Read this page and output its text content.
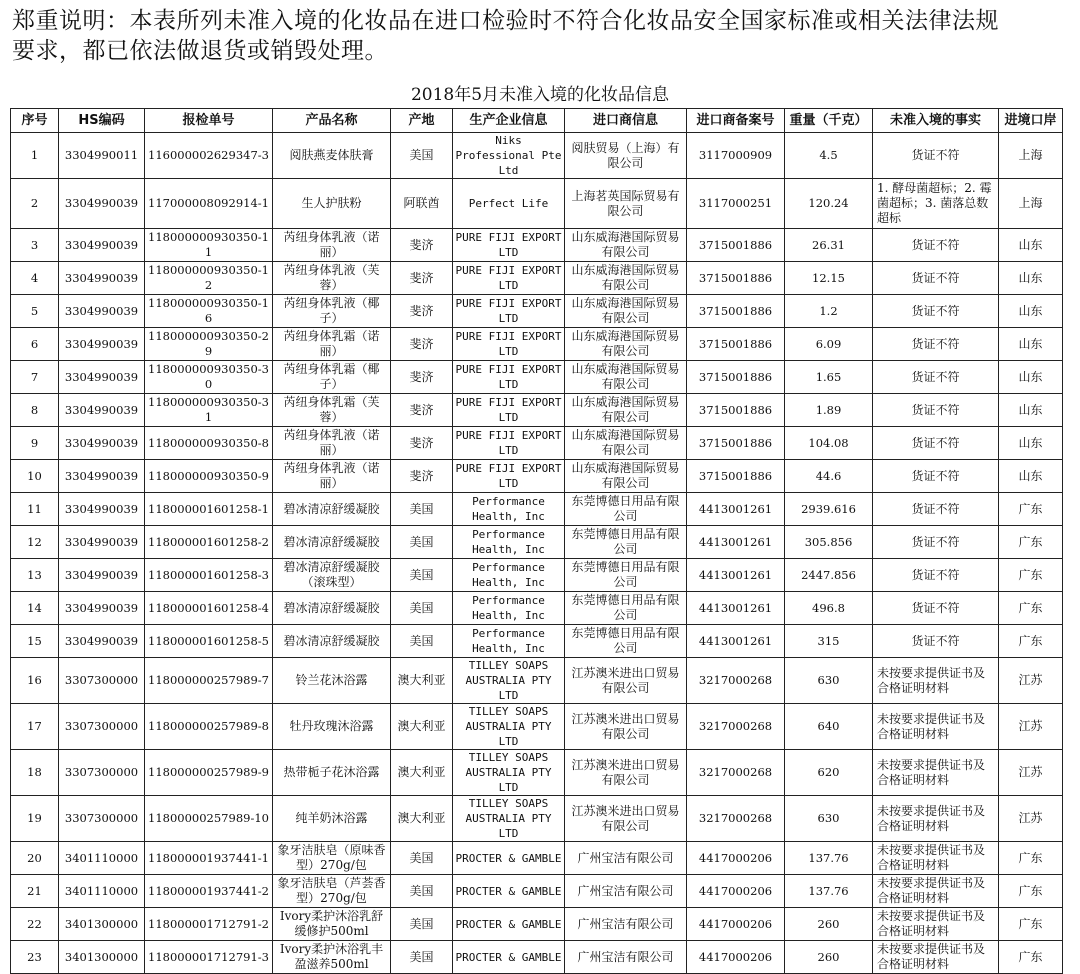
郑重说明：本表所列未准入境的化妆品在进口检验时不符合化妆品安全国家标准或相关法律法规
要求，都已依法做退货或销毁处理。
2018年5月未准入境的化妆品信息
序号	HS编码	报检单号	产品名称	产地	生产企业信息	进口商信息	进口商备案号	重量（千克）	未准入境的事实	进境口岸
1	3304990011	116000002629347-3	阅肤燕麦体肤膏	美国	Niks Professional Pte Ltd	阅肤贸易（上海）有限公司	3117000909	4.5	货证不符	上海
2	3304990039	117000008092914-1	生人护肤粉	阿联酋	Perfect Life	上海茗英国际贸易有限公司	3117000251	120.24	1. 酵母菌超标；2. 霉菌超标；3. 菌落总数超标	上海
3	3304990039	118000000930350-11	芮纽身体乳液（诺丽）	斐济	PURE FIJI EXPORT LTD	山东威海港国际贸易有限公司	3715001886	26.31	货证不符	山东
4	3304990039	118000000930350-12	芮纽身体乳液（芙蓉）	斐济	PURE FIJI EXPORT LTD	山东威海港国际贸易有限公司	3715001886	12.15	货证不符	山东
5	3304990039	118000000930350-16	芮纽身体乳液（椰子）	斐济	PURE FIJI EXPORT LTD	山东威海港国际贸易有限公司	3715001886	1.2	货证不符	山东
6	3304990039	118000000930350-29	芮纽身体乳霜（诺丽）	斐济	PURE FIJI EXPORT LTD	山东威海港国际贸易有限公司	3715001886	6.09	货证不符	山东
7	3304990039	118000000930350-30	芮纽身体乳霜（椰子）	斐济	PURE FIJI EXPORT LTD	山东威海港国际贸易有限公司	3715001886	1.65	货证不符	山东
8	3304990039	118000000930350-31	芮纽身体乳霜（芙蓉）	斐济	PURE FIJI EXPORT LTD	山东威海港国际贸易有限公司	3715001886	1.89	货证不符	山东
9	3304990039	118000000930350-8	芮纽身体乳液（诺丽）	斐济	PURE FIJI EXPORT LTD	山东威海港国际贸易有限公司	3715001886	104.08	货证不符	山东
10	3304990039	118000000930350-9	芮纽身体乳液（诺丽）	斐济	PURE FIJI EXPORT LTD	山东威海港国际贸易有限公司	3715001886	44.6	货证不符	山东
11	3304990039	118000001601258-1	碧冰清凉舒缓凝胶	美国	Performance Health, Inc	东莞博德日用品有限公司	4413001261	2939.616	货证不符	广东
12	3304990039	118000001601258-2	碧冰清凉舒缓凝胶	美国	Performance Health, Inc	东莞博德日用品有限公司	4413001261	305.856	货证不符	广东
13	3304990039	118000001601258-3	碧冰清凉舒缓凝胶（滚珠型）	美国	Performance Health, Inc	东莞博德日用品有限公司	4413001261	2447.856	货证不符	广东
14	3304990039	118000001601258-4	碧冰清凉舒缓凝胶	美国	Performance Health, Inc	东莞博德日用品有限公司	4413001261	496.8	货证不符	广东
15	3304990039	118000001601258-5	碧冰清凉舒缓凝胶	美国	Performance Health, Inc	东莞博德日用品有限公司	4413001261	315	货证不符	广东
16	3307300000	118000000257989-7	铃兰花沐浴露	澳大利亚	TILLEY SOAPS AUSTRALIA PTY LTD	江苏澳米进出口贸易有限公司	3217000268	630	未按要求提供证书及合格证明材料	江苏
17	3307300000	118000000257989-8	牡丹玫瑰沐浴露	澳大利亚	TILLEY SOAPS AUSTRALIA PTY LTD	江苏澳米进出口贸易有限公司	3217000268	640	未按要求提供证书及合格证明材料	江苏
18	3307300000	118000000257989-9	热带栀子花沐浴露	澳大利亚	TILLEY SOAPS AUSTRALIA PTY LTD	江苏澳米进出口贸易有限公司	3217000268	620	未按要求提供证书及合格证明材料	江苏
19	3307300000	11800000257989-10	纯羊奶沐浴露	澳大利亚	TILLEY SOAPS AUSTRALIA PTY LTD	江苏澳米进出口贸易有限公司	3217000268	630	未按要求提供证书及合格证明材料	江苏
20	3401110000	118000001937441-1	象牙洁肤皂（原味香型）270g/包	美国	PROCTER & GAMBLE	广州宝洁有限公司	4417000206	137.76	未按要求提供证书及合格证明材料	广东
21	3401110000	118000001937441-2	象牙洁肤皂（芦荟香型）270g/包	美国	PROCTER & GAMBLE	广州宝洁有限公司	4417000206	137.76	未按要求提供证书及合格证明材料	广东
22	3401300000	118000001712791-2	Ivory柔护沐浴乳舒缓修护500ml	美国	PROCTER & GAMBLE	广州宝洁有限公司	4417000206	260	未按要求提供证书及合格证明材料	广东
23	3401300000	118000001712791-3	Ivory柔护沐浴乳丰盈滋养500ml	美国	PROCTER & GAMBLE	广州宝洁有限公司	4417000206	260	未按要求提供证书及合格证明材料	广东
